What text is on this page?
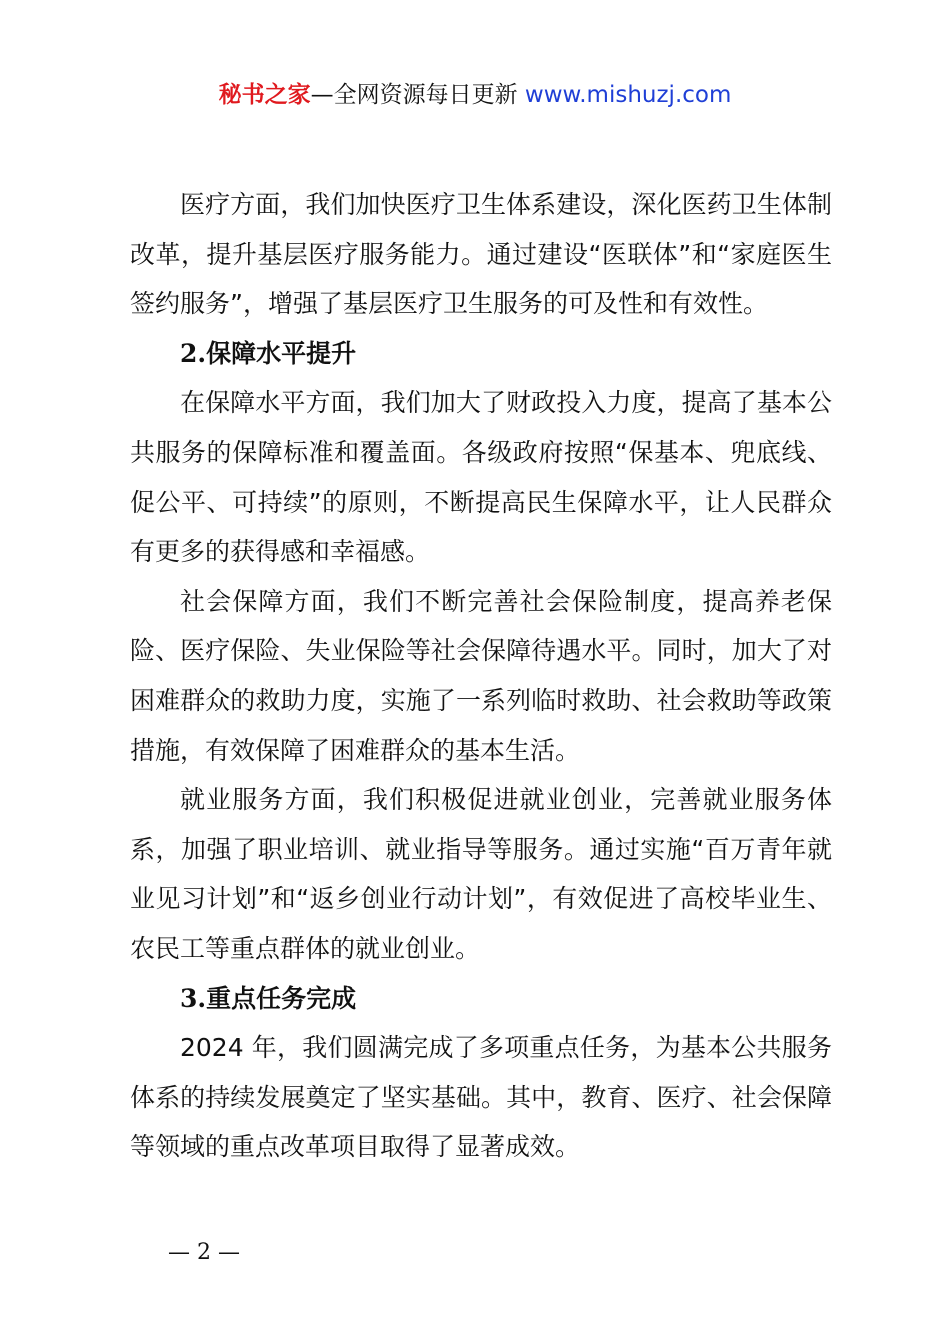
秘书之家—全网资源每日更新 www.mishuzj.com

医疗方面，我们加快医疗卫生体系建设，深化医药卫生体制改革，提升基层医疗服务能力。通过建设“医联体”和“家庭医生签约服务”，增强了基层医疗卫生服务的可及性和有效性。

2.保障水平提升

在保障水平方面，我们加大了财政投入力度，提高了基本公共服务的保障标准和覆盖面。各级政府按照“保基本、兜底线、促公平、可持续”的原则，不断提高民生保障水平，让人民群众有更多的获得感和幸福感。

社会保障方面，我们不断完善社会保险制度，提高养老保险、医疗保险、失业保险等社会保障待遇水平。同时，加大了对困难群众的救助力度，实施了一系列临时救助、社会救助等政策措施，有效保障了困难群众的基本生活。

就业服务方面，我们积极促进就业创业，完善就业服务体系，加强了职业培训、就业指导等服务。通过实施“百万青年就业见习计划”和“返乡创业行动计划”，有效促进了高校毕业生、农民工等重点群体的就业创业。

3.重点任务完成

2024 年，我们圆满完成了多项重点任务，为基本公共服务体系的持续发展奠定了坚实基础。其中，教育、医疗、社会保障等领域的重点改革项目取得了显著成效。

— 2 —
